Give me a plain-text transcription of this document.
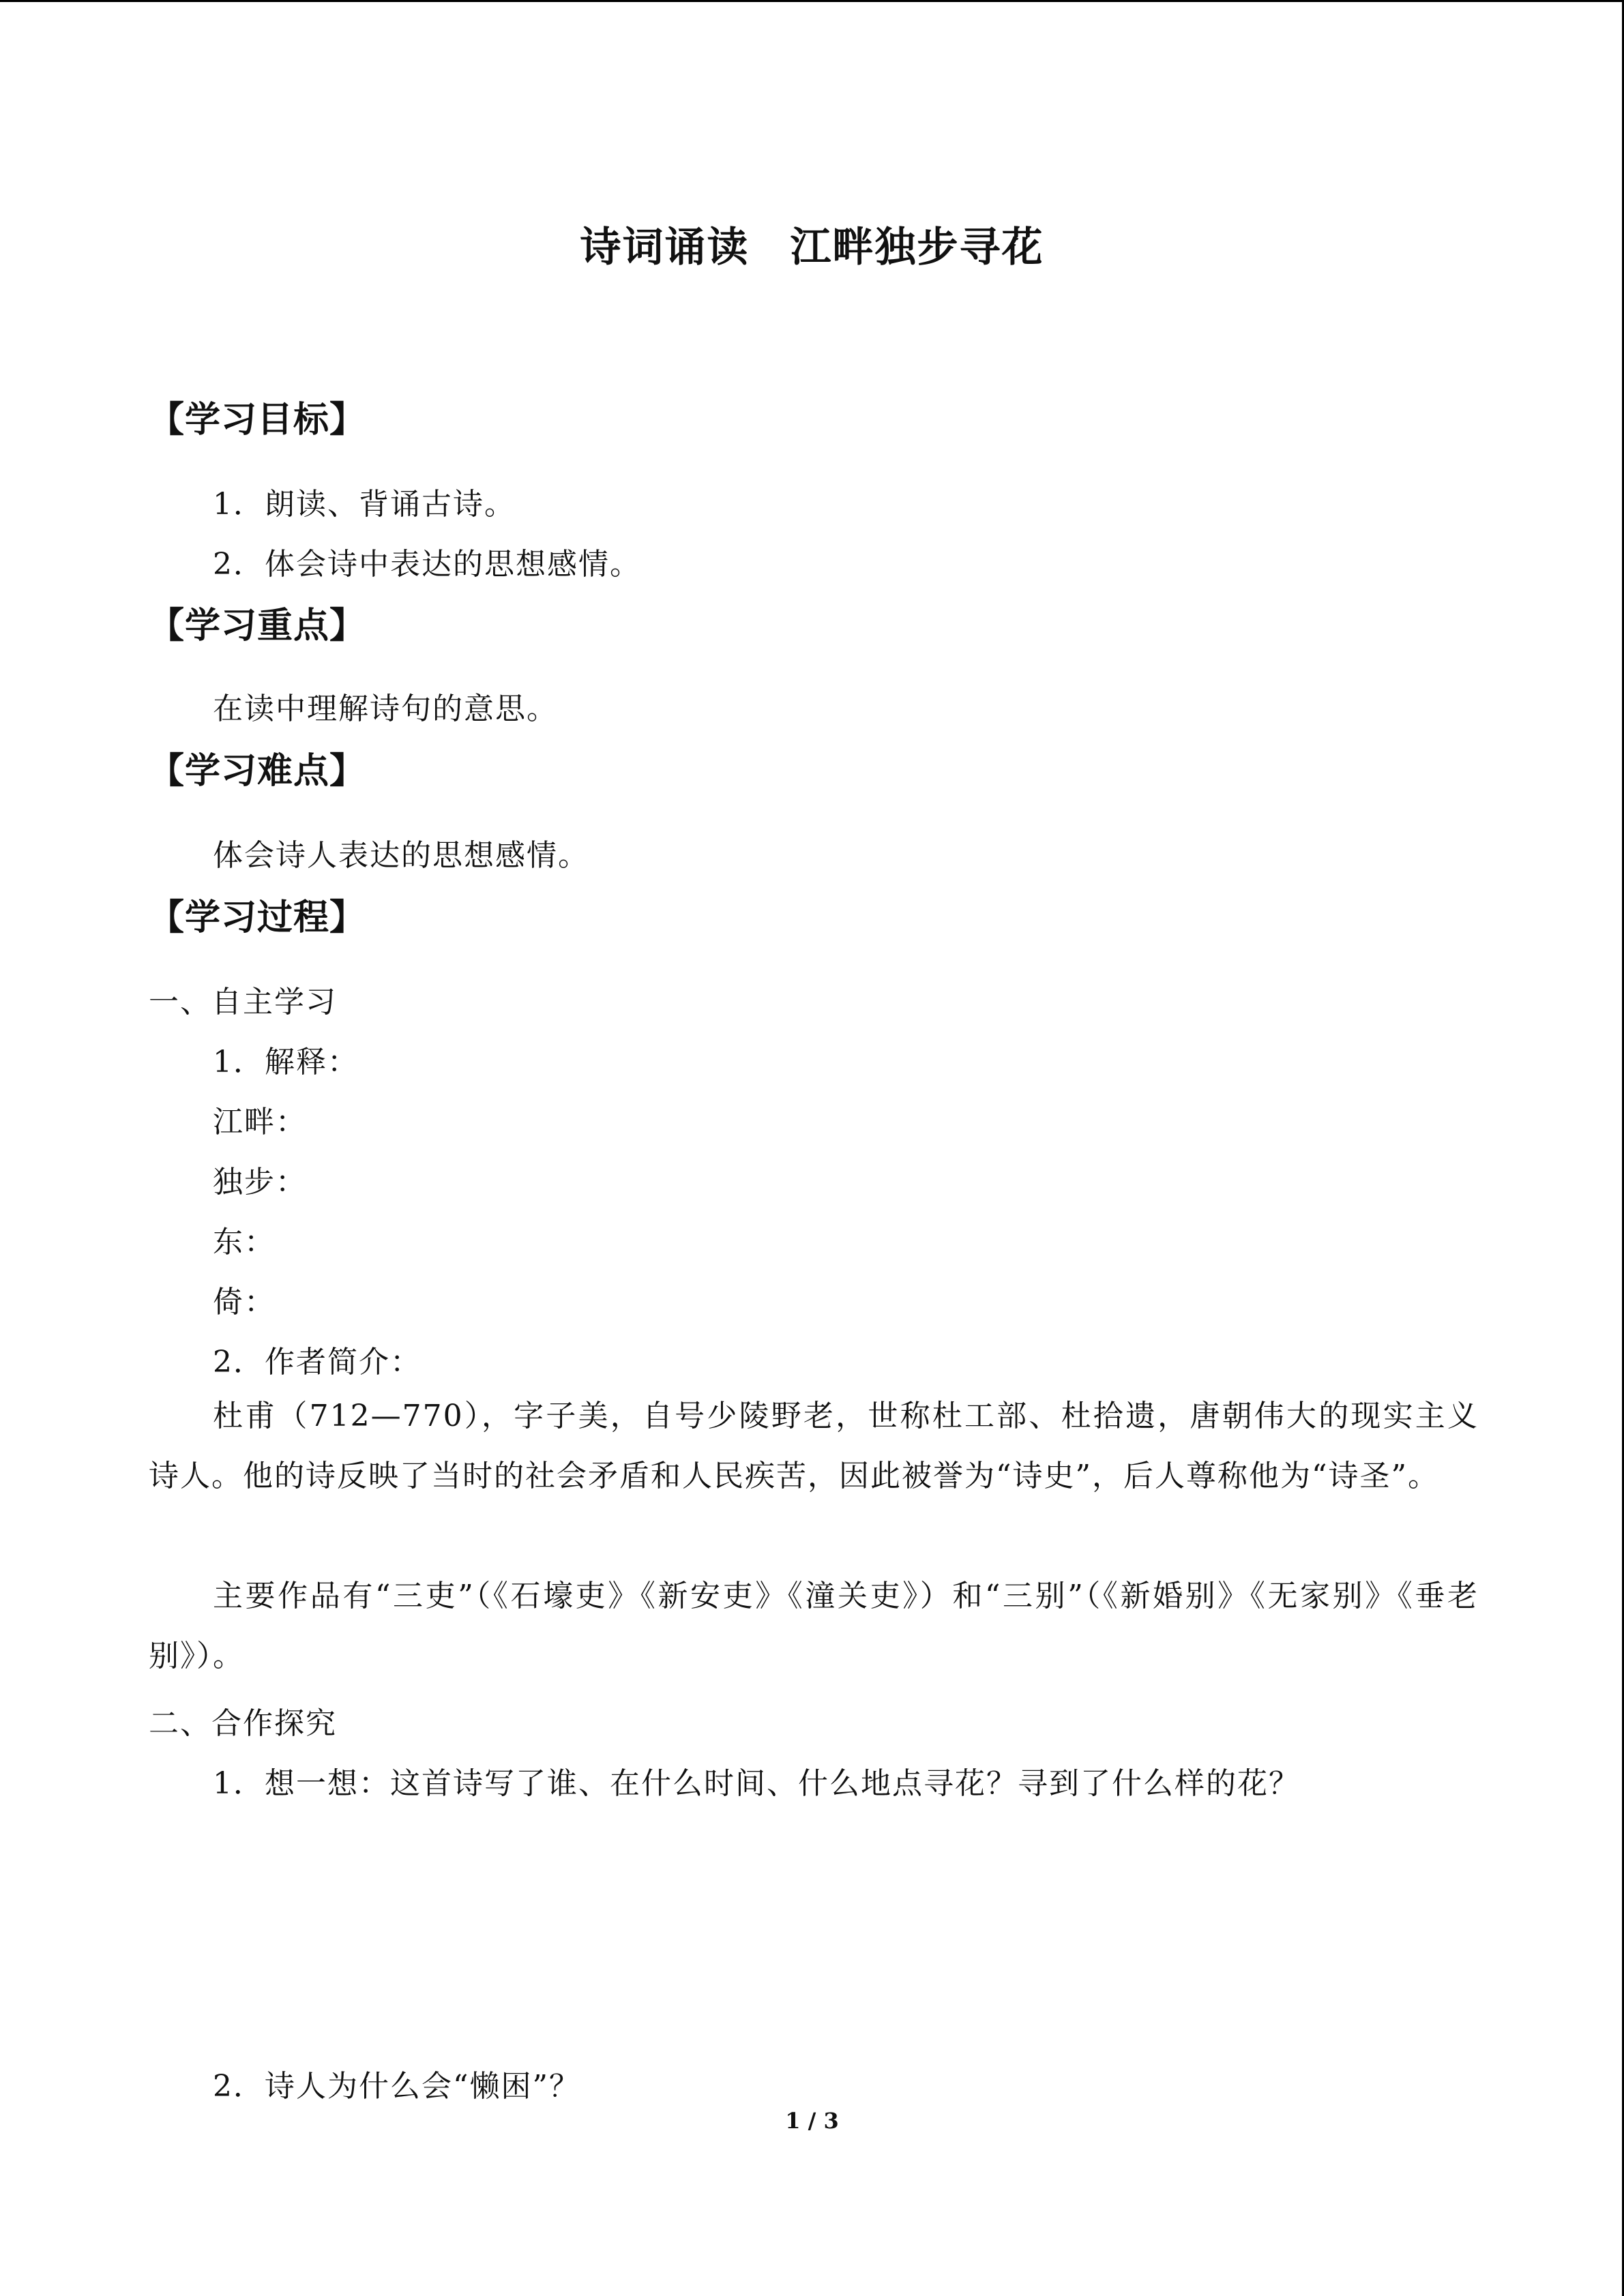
诗词诵读 江畔独步寻花
【学习目标】
1．朗读、背诵古诗。
2．体会诗中表达的思想感情。
【学习重点】
在读中理解诗句的意思。
【学习难点】
体会诗人表达的思想感情。
【学习过程】
一、自主学习
1．解释：
江畔：
独步：
东：
倚：
2．作者简介：
杜甫（712—770），字子美，自号少陵野老，世称杜工部、杜拾遗，唐朝伟大的现实主义诗人。他的诗反映了当时的社会矛盾和人民疾苦，因此被誉为“诗史”，后人尊称他为“诗圣”。
主要作品有“三吏”（《石壕吏》《新安吏》《潼关吏》）和“三别”（《新婚别》《无家别》《垂老别》）。
二、合作探究
1．想一想：这首诗写了谁、在什么时间、什么地点寻花？寻到了什么样的花？
2．诗人为什么会“懒困”？
1 / 3
